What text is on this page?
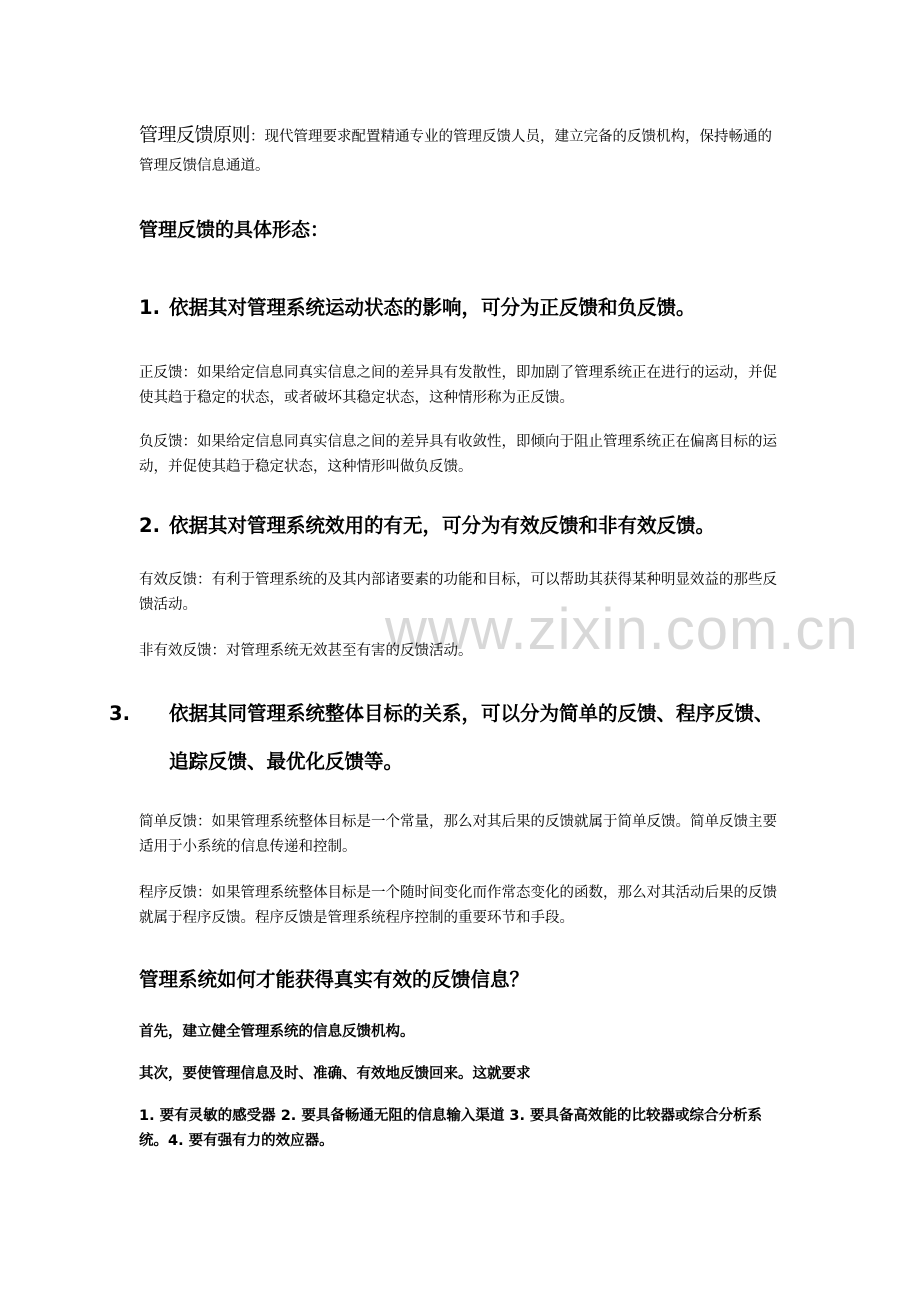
www.zixin.com.cn

管理反馈原则：现代管理要求配置精通专业的管理反馈人员，建立完备的反馈机构，保持畅通的管理反馈信息通道。

管理反馈的具体形态：
1. 依据其对管理系统运动状态的影响，可分为正反馈和负反馈。

正反馈：如果给定信息同真实信息之间的差异具有发散性，即加剧了管理系统正在进行的运动，并促使其趋于稳定的状态，或者破坏其稳定状态，这种情形称为正反馈。

负反馈：如果给定信息同真实信息之间的差异具有收敛性，即倾向于阻止管理系统正在偏离目标的运动，并促使其趋于稳定状态，这种情形叫做负反馈。

2. 依据其对管理系统效用的有无，可分为有效反馈和非有效反馈。

有效反馈：有利于管理系统的及其内部诸要素的功能和目标，可以帮助其获得某种明显效益的那些反馈活动。

非有效反馈：对管理系统无效甚至有害的反馈活动。

3. 依据其同管理系统整体目标的关系，可以分为简单的反馈、程序反馈、追踪反馈、最优化反馈等。

简单反馈：如果管理系统整体目标是一个常量，那么对其后果的反馈就属于简单反馈。简单反馈主要适用于小系统的信息传递和控制。

程序反馈：如果管理系统整体目标是一个随时间变化而作常态变化的函数，那么对其活动后果的反馈就属于程序反馈。程序反馈是管理系统程序控制的重要环节和手段。

管理系统如何才能获得真实有效的反馈信息？

首先，建立健全管理系统的信息反馈机构。

其次，要使管理信息及时、准确、有效地反馈回来。这就要求

1. 要有灵敏的感受器 2. 要具备畅通无阻的信息输入渠道 3. 要具备高效能的比较器或综合分析系统。4. 要有强有力的效应器。
